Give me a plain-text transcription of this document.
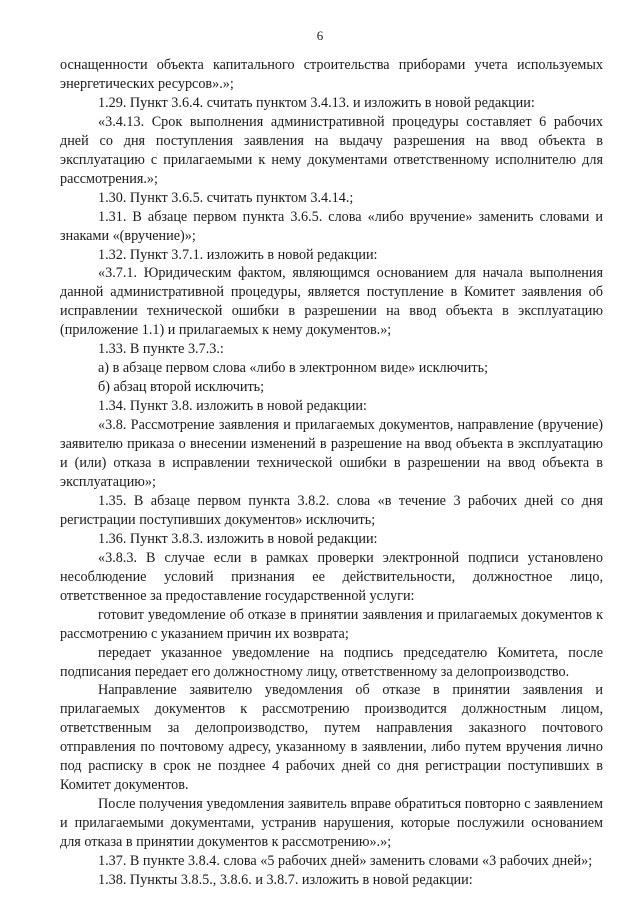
6

оснащенности объекта капитального строительства приборами учета используемых энергетических ресурсов».»;

1.29. Пункт 3.6.4. считать пунктом 3.4.13. и изложить в новой редакции:

«3.4.13. Срок выполнения административной процедуры составляет 6 рабочих дней со дня поступления заявления на выдачу разрешения на ввод объекта в эксплуатацию с прилагаемыми к нему документами ответственному исполнителю для рассмотрения.»;

1.30. Пункт 3.6.5. считать пунктом 3.4.14.;

1.31. В абзаце первом пункта 3.6.5. слова «либо вручение» заменить словами и знаками «(вручение)»;

1.32. Пункт 3.7.1. изложить в новой редакции:

«3.7.1. Юридическим фактом, являющимся основанием для начала выполнения данной административной процедуры, является поступление в Комитет заявления об исправлении технической ошибки в разрешении на ввод объекта в эксплуатацию (приложение 1.1) и прилагаемых к нему документов.»;

1.33. В пункте 3.7.3.:

а) в абзаце первом слова «либо в электронном виде» исключить;

б) абзац второй исключить;

1.34. Пункт 3.8. изложить в новой редакции:

«3.8. Рассмотрение заявления и прилагаемых документов, направление (вручение) заявителю приказа о внесении изменений в разрешение на ввод объекта в эксплуатацию и (или) отказа в исправлении технической ошибки в разрешении на ввод объекта в эксплуатацию»;

1.35. В абзаце первом пункта 3.8.2. слова «в течение 3 рабочих дней со дня регистрации поступивших документов» исключить;

1.36. Пункт 3.8.3. изложить в новой редакции:

«3.8.3. В случае если в рамках проверки электронной подписи установлено несоблюдение условий признания ее действительности, должностное лицо, ответственное за предоставление государственной услуги:

готовит уведомление об отказе в принятии заявления и прилагаемых документов к рассмотрению с указанием причин их возврата;

передает указанное уведомление на подпись председателю Комитета, после подписания передает его должностному лицу, ответственному за делопроизводство.

Направление заявителю уведомления об отказе в принятии заявления и прилагаемых документов к рассмотрению производится должностным лицом, ответственным за делопроизводство, путем направления заказного почтового отправления по почтовому адресу, указанному в заявлении, либо путем вручения лично под расписку в срок не позднее 4 рабочих дней со дня регистрации поступивших в Комитет документов.

После получения уведомления заявитель вправе обратиться повторно с заявлением и прилагаемыми документами, устранив нарушения, которые послужили основанием для отказа в принятии документов к рассмотрению».»;

1.37. В пункте 3.8.4. слова «5 рабочих дней» заменить словами «3 рабочих дней»;

1.38. Пункты 3.8.5., 3.8.6. и 3.8.7. изложить в новой редакции:
